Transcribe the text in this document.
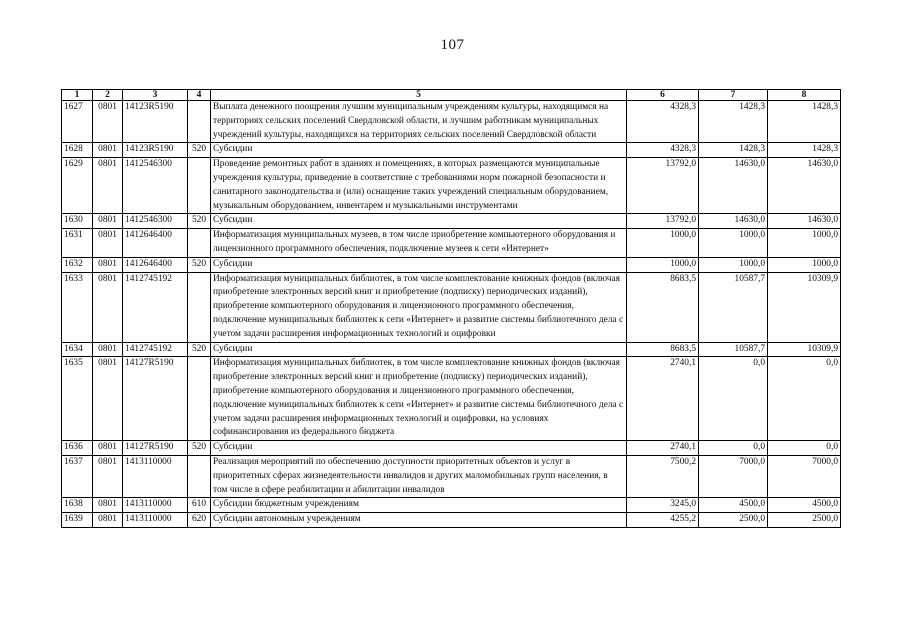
107
1	2	3	4	5	6	7	8
1627	0801	14123R5190		Выплата денежного поощрения лучшим муниципальным учреждениям культуры, находящимся на территориях сельских поселений Свердловской области, и лучшим работникам муниципальных учреждений культуры, находящихся на территориях сельских поселений Свердловской области	4328,3	1428,3	1428,3
1628	0801	14123R5190	520	Субсидии	4328,3	1428,3	1428,3
1629	0801	1412546300		Проведение ремонтных работ в зданиях и помещениях, в которых размещаются муниципальные учреждения культуры, приведение в соответствие с требованиями норм пожарной безопасности и санитарного законодательства и (или) оснащение таких учреждений специальным оборудованием, музыкальным оборудованием, инвентарем и музыкальными инструментами	13792,0	14630,0	14630,0
1630	0801	1412546300	520	Субсидии	13792,0	14630,0	14630,0
1631	0801	1412646400		Информатизация муниципальных музеев, в том числе приобретение компьютерного оборудования и лицензионного программного обеспечения, подключение музеев к сети «Интернет»	1000,0	1000,0	1000,0
1632	0801	1412646400	520	Субсидии	1000,0	1000,0	1000,0
1633	0801	1412745192		Информатизация муниципальных библиотек, в том числе комплектование книжных фондов (включая приобретение электронных версий книг и приобретение (подписку) периодических изданий), приобретение компьютерного оборудования и лицензионного программного обеспечения, подключение муниципальных библиотек к сети «Интернет» и развитие системы библиотечного дела с учетом задачи расширения информационных технологий и оцифровки	8683,5	10587,7	10309,9
1634	0801	1412745192	520	Субсидии	8683,5	10587,7	10309,9
1635	0801	14127R5190		Информатизация муниципальных библиотек, в том числе комплектование книжных фондов (включая приобретение электронных версий книг и приобретение (подписку) периодических изданий), приобретение компьютерного оборудования и лицензионного программного обеспечения, подключение муниципальных библиотек к сети «Интернет» и развитие системы библиотечного дела с учетом задачи расширения информационных технологий и оцифровки, на условиях софинансирования из федерального бюджета	2740,1	0,0	0,0
1636	0801	14127R5190	520	Субсидии	2740,1	0,0	0,0
1637	0801	1413110000		Реализация мероприятий по обеспечению доступности приоритетных объектов и услуг в приоритетных сферах жизнедеятельности инвалидов и других маломобильных групп населения, в том числе в сфере реабилитации и абилитации инвалидов	7500,2	7000,0	7000,0
1638	0801	1413110000	610	Субсидии бюджетным учреждениям	3245,0	4500,0	4500,0
1639	0801	1413110000	620	Субсидии автономным учреждениям	4255,2	2500,0	2500,0
